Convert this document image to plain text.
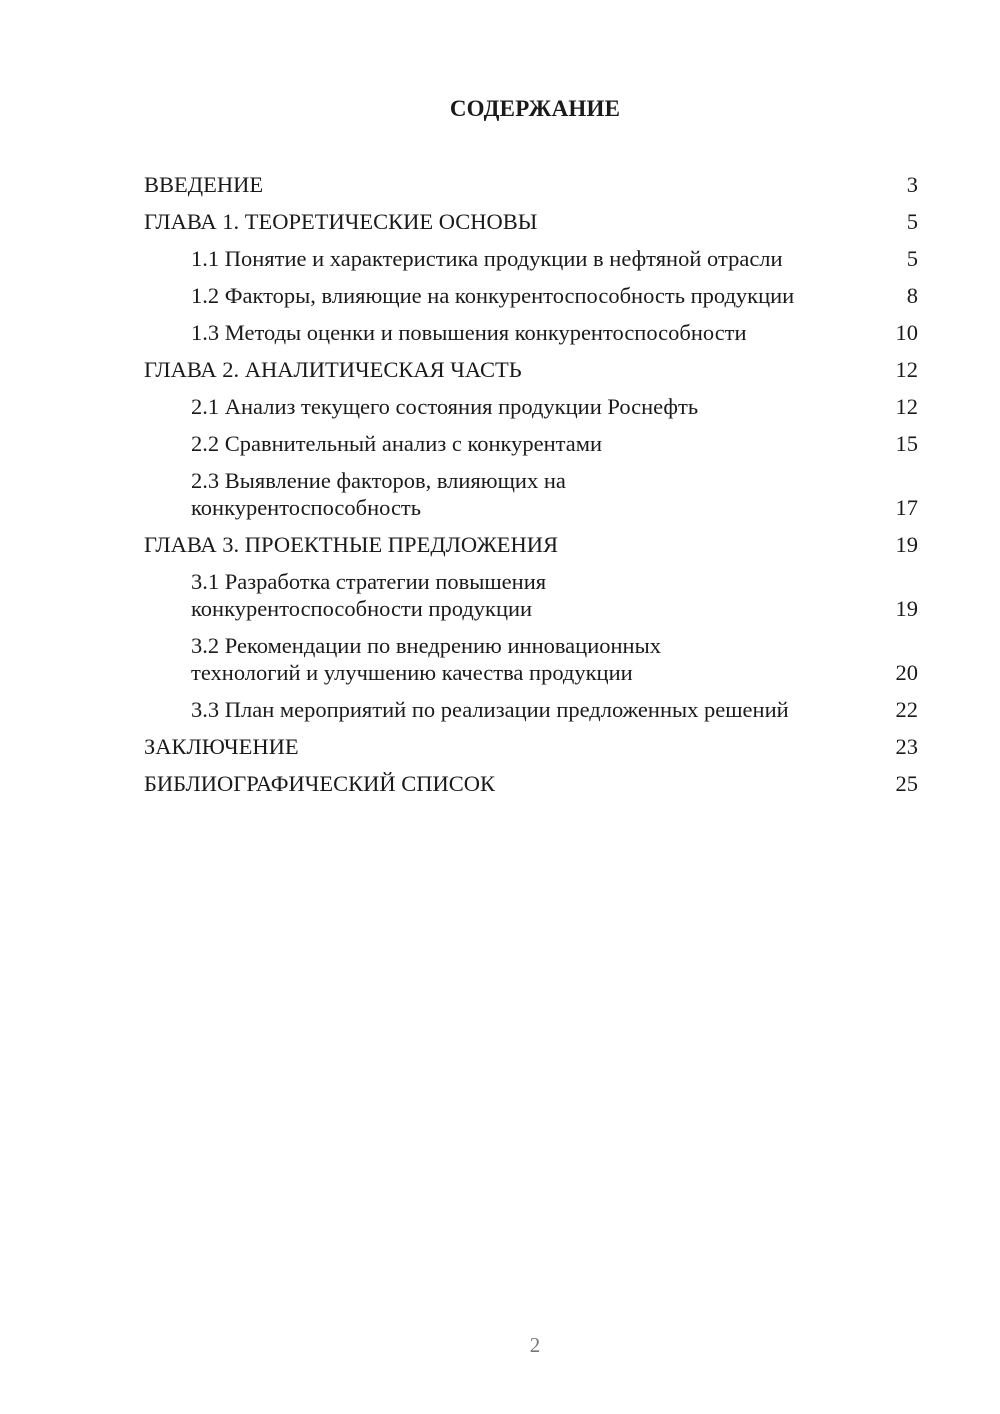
СОДЕРЖАНИЕ
ВВЕДЕНИЕ	3
ГЛАВА 1. ТЕОРЕТИЧЕСКИЕ ОСНОВЫ	5
1.1 Понятие и характеристика продукции в нефтяной отрасли	5
1.2 Факторы, влияющие на конкурентоспособность продукции	8
1.3 Методы оценки и повышения конкурентоспособности	10
ГЛАВА 2. АНАЛИТИЧЕСКАЯ ЧАСТЬ	12
2.1 Анализ текущего состояния продукции Роснефть	12
2.2 Сравнительный анализ с конкурентами	15
2.3 Выявление факторов, влияющих на конкурентоспособность	17
ГЛАВА 3. ПРОЕКТНЫЕ ПРЕДЛОЖЕНИЯ	19
3.1 Разработка стратегии повышения конкурентоспособности продукции	19
3.2 Рекомендации по внедрению инновационных технологий и улучшению качества продукции	20
3.3 План мероприятий по реализации предложенных решений	22
ЗАКЛЮЧЕНИЕ	23
БИБЛИОГРАФИЧЕСКИЙ СПИСОК	25
2
